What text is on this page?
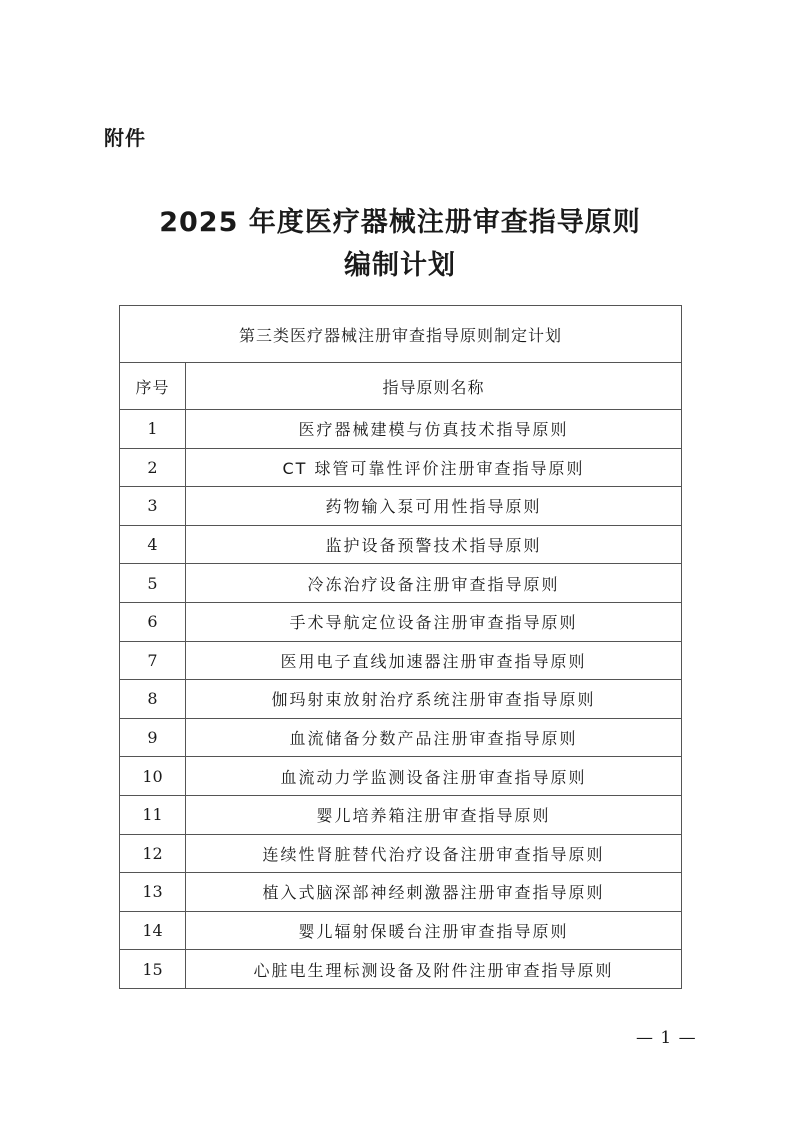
附件
2025 年度医疗器械注册审查指导原则
编制计划
第三类医疗器械注册审查指导原则制定计划	
序号	指导原则名称
1	医疗器械建模与仿真技术指导原则
2	CT 球管可靠性评价注册审查指导原则
3	药物输入泵可用性指导原则
4	监护设备预警技术指导原则
5	冷冻治疗设备注册审查指导原则
6	手术导航定位设备注册审查指导原则
7	医用电子直线加速器注册审查指导原则
8	伽玛射束放射治疗系统注册审查指导原则
9	血流储备分数产品注册审查指导原则
10	血流动力学监测设备注册审查指导原则
11	婴儿培养箱注册审查指导原则
12	连续性肾脏替代治疗设备注册审查指导原则
13	植入式脑深部神经刺激器注册审查指导原则
14	婴儿辐射保暖台注册审查指导原则
15	心脏电生理标测设备及附件注册审查指导原则
— 1 —
